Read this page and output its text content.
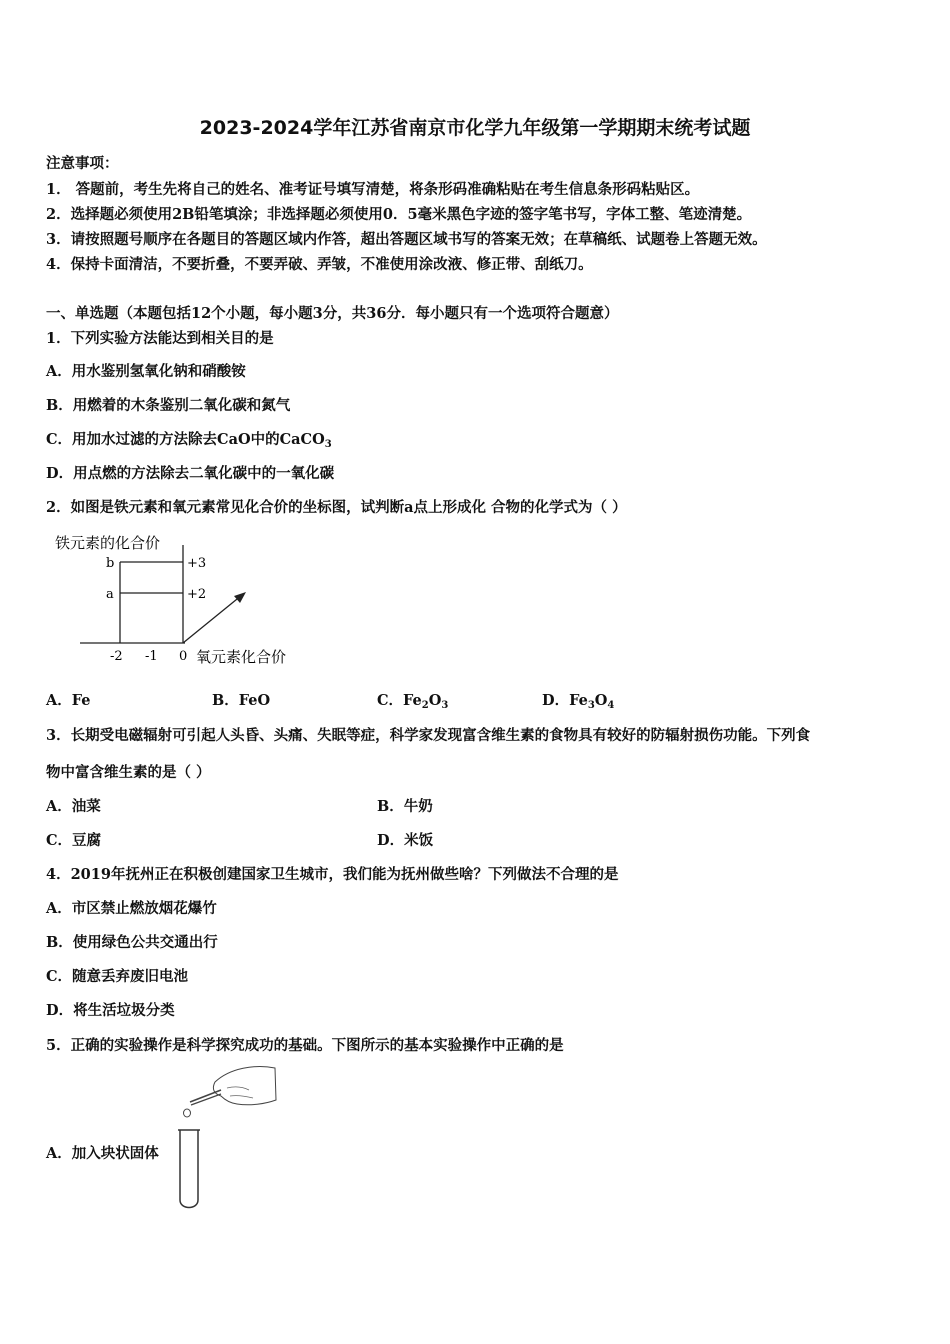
2023-2024学年江苏省南京市化学九年级第一学期期末统考试题
注意事项：
1． 答题前，考生先将自己的姓名、准考证号填写清楚，将条形码准确粘贴在考生信息条形码粘贴区。
2．选择题必须使用2B铅笔填涂；非选择题必须使用0．5毫米黑色字迹的签字笔书写，字体工整、笔迹清楚。
3．请按照题号顺序在各题目的答题区域内作答，超出答题区域书写的答案无效；在草稿纸、试题卷上答题无效。
4．保持卡面清洁，不要折叠，不要弄破、弄皱，不准使用涂改液、修正带、刮纸刀。
一、单选题（本题包括12个小题，每小题3分，共36分．每小题只有一个选项符合题意）
1．下列实验方法能达到相关目的是
A．用水鉴别氢氧化钠和硝酸铵
B．用燃着的木条鉴别二氧化碳和氮气
C．用加水过滤的方法除去CaO中的CaCO$_3$
D．用点燃的方法除去二氧化碳中的一氧化碳
2．如图是铁元素和氧元素常见化合价的坐标图，试判断a点上形成化 合物的化学式为（ ）
铁元素的化合价
b
a
+3
+2
-2 -1 0 氧元素化合价
A．Fe	B．FeO	C．$Fe_2O_3$	D．$Fe_3O_4$
3．长期受电磁辐射可引起人头昏、头痛、失眠等症，科学家发现富含维生素的食物具有较好的防辐射损伤功能。下列食
物中富含维生素的是（ ）
A．油菜	B．牛奶
C．豆腐	D．米饭
4．2019年抚州正在积极创建国家卫生城市，我们能为抚州做些啥？下列做法不合理的是
A．市区禁止燃放烟花爆竹
B．使用绿色公共交通出行
C．随意丢弃废旧电池
D．将生活垃圾分类
5．正确的实验操作是科学探究成功的基础。下图所示的基本实验操作中正确的是
A．加入块状固体
